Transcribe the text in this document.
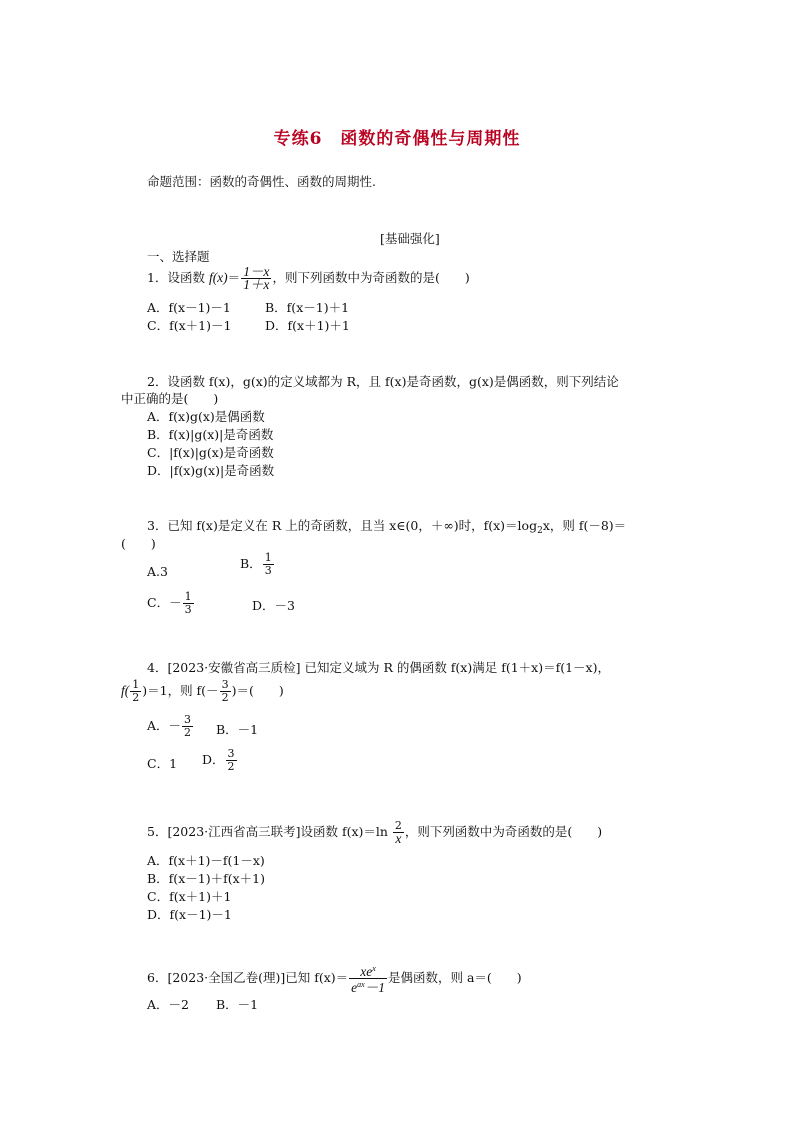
专练6　函数的奇偶性与周期性
命题范围：函数的奇偶性、函数的周期性.
[基础强化]
一、选择题
1．设函数 $f(x)= \frac{1-x}{1+x}$ ，则下列函数中为奇函数的是(　　)
A．f(x－1)－1	B．f(x－1)＋1
C．f(x＋1)－1	D．f(x＋1)＋1
2．设函数 f(x)，g(x)的定义域都为 R，且 f(x)是奇函数，g(x)是偶函数，则下列结论
中正确的是(　　)
A．f(x)g(x)是偶函数
B．f(x)|g(x)|是奇函数
C．|f(x)|g(x)是奇函数
D．|f(x)g(x)|是奇函数
3．已知 f(x)是定义在 R 上的奇函数，且当 x∈(0，＋∞)时，$f(x)=\log_2x$，则 f(－8)＝
(　　)
A.3
B． $\frac{1}{3}$
C．－ $\frac{1}{3}$	D．－3
4．[2023·安徽省高三质检] 已知定义域为 R 的偶函数 f(x)满足 f(1＋x)＝f(1－x)，
$f( \frac{1}{2} )=1$，则 $f(- \frac{3}{2}$ )＝(　　)
A．－ $\frac{3}{2}$ B．－1
C．1 D． $\frac{3}{2}$
5．[2023·江西省高三联考]设函数 $f(x)=\ln \frac{2}{x}$ ，则下列函数中为奇函数的是(　　)
A．f(x＋1)－f(1－x)
B．f(x－1)＋f(x＋1)
C．f(x＋1)＋1
D．f(x－1)－1
6．[2023·全国乙卷(理)]已知 $f(x)= \frac{xe^x}{e^{ax}-1}$ 是偶函数，则 a＝(　　)
A．－2 B．－1
